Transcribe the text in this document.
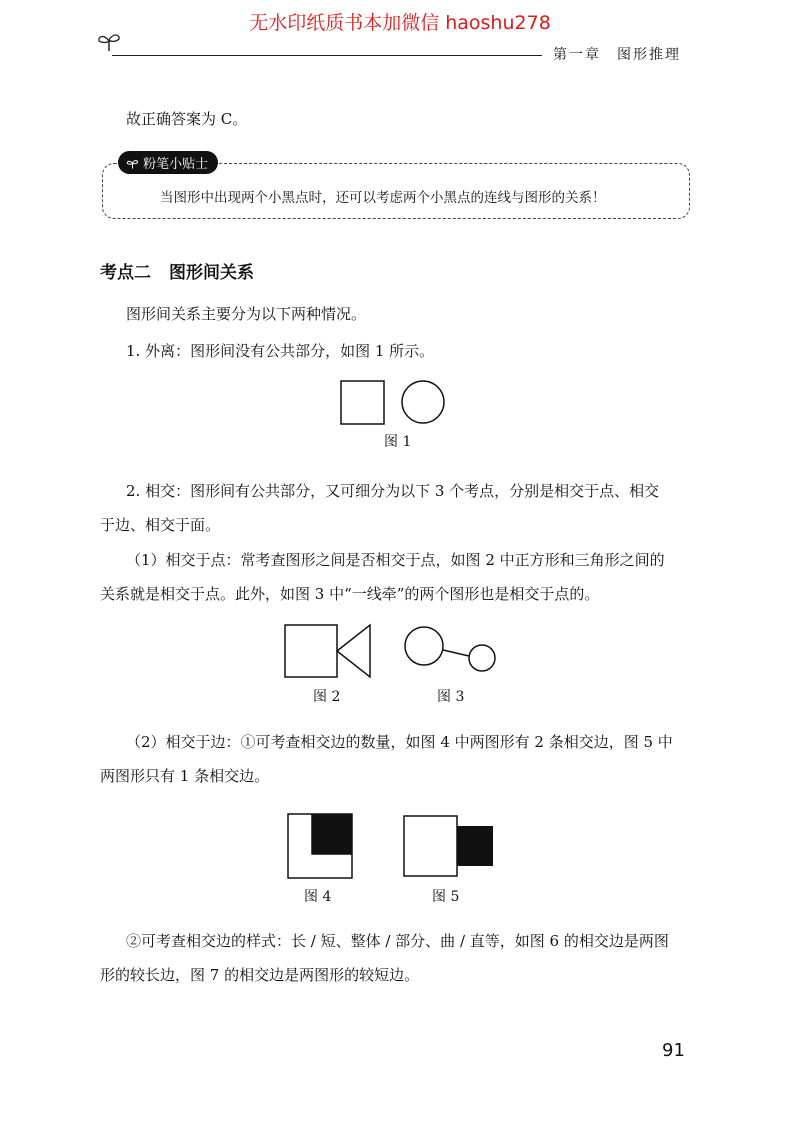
无水印纸质书本加微信 haoshu278
第一章　图形推理
故正确答案为 C。
粉笔小贴士
当图形中出现两个小黑点时，还可以考虑两个小黑点的连线与图形的关系！
考点二 图形间关系
图形间关系主要分为以下两种情况。
1. 外离：图形间没有公共部分，如图 1 所示。
图 1
2. 相交：图形间有公共部分，又可细分为以下 3 个考点，分别是相交于点、相交
于边、相交于面。
（1）相交于点：常考查图形之间是否相交于点，如图 2 中正方形和三角形之间的
关系就是相交于点。此外，如图 3 中“一线牵”的两个图形也是相交于点的。
图 2	图 3
（2）相交于边：①可考查相交边的数量，如图 4 中两图形有 2 条相交边，图 5 中
两图形只有 1 条相交边。
图 4	图 5
②可考查相交边的样式：长 / 短、整体 / 部分、曲 / 直等，如图 6 的相交边是两图
形的较长边，图 7 的相交边是两图形的较短边。
91
